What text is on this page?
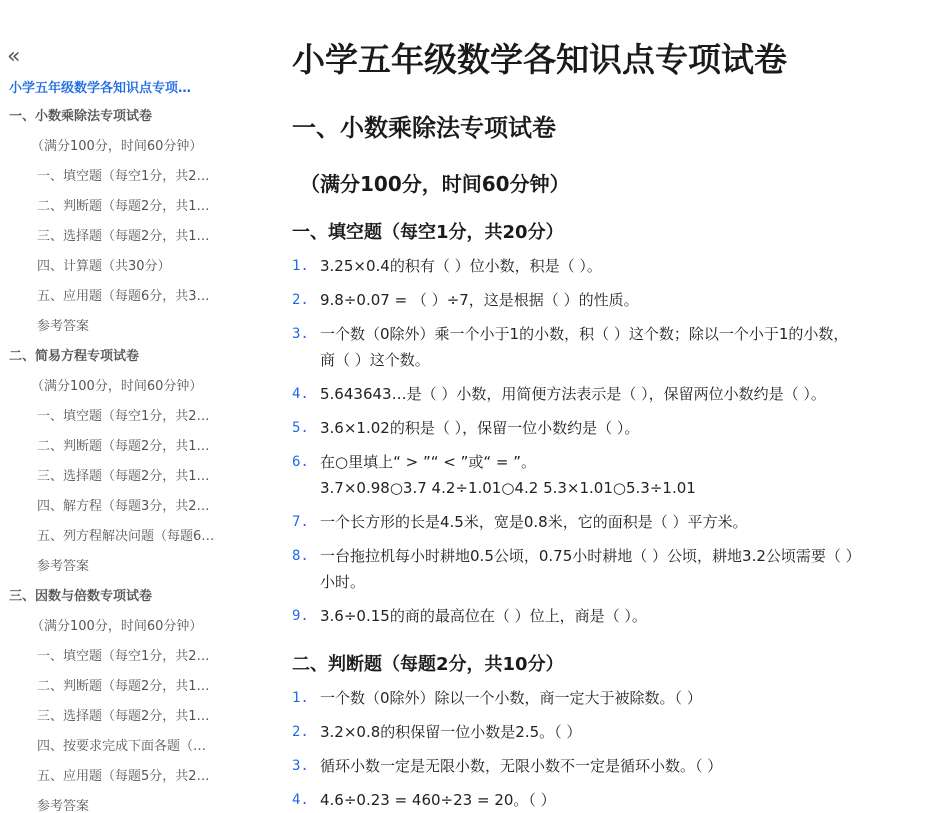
«
小学五年级数学各知识点专项…
一、小数乘除法专项试卷
（满分100分，时间60分钟）
一、填空题（每空1分，共2…
二、判断题（每题2分，共1…
三、选择题（每题2分，共1…
四、计算题（共30分）
五、应用题（每题6分，共3…
参考答案
二、简易方程专项试卷
（满分100分，时间60分钟）
一、填空题（每空1分，共2…
二、判断题（每题2分，共1…
三、选择题（每题2分，共1…
四、解方程（每题3分，共2…
五、列方程解决问题（每题6…
参考答案
三、因数与倍数专项试卷
（满分100分，时间60分钟）
一、填空题（每空1分，共2…
二、判断题（每题2分，共1…
三、选择题（每题2分，共1…
四、按要求完成下面各题（…
五、应用题（每题5分，共2…
参考答案
小学五年级数学各知识点专项试卷
一、小数乘除法专项试卷
（满分100分，时间60分钟）
一、填空题（每空1分，共20分）
1. 3.25×0.4的积有（ ）位小数，积是（ ）。
2. 9.8÷0.07 = （ ）÷7，这是根据（ ）的性质。
3. 一个数（0除外）乘一个小于1的小数，积（ ）这个数；除以一个小于1的小数，
商（ ）这个数。
4. 5.643643…是（ ）小数，用简便方法表示是（ ），保留两位小数约是（ ）。
5. 3.6×1.02的积是（ ），保留一位小数约是（ ）。
6. 在○里填上“ > ”“ < ”或“ = ”。
3.7×0.98○3.7 4.2÷1.01○4.2 5.3×1.01○5.3÷1.01
7. 一个长方形的长是4.5米，宽是0.8米，它的面积是（ ）平方米。
8. 一台拖拉机每小时耕地0.5公顷，0.75小时耕地（ ）公顷，耕地3.2公顷需要（ ）
小时。
9. 3.6÷0.15的商的最高位在（ ）位上，商是（ ）。
二、判断题（每题2分，共10分）
1. 一个数（0除外）除以一个小数，商一定大于被除数。（ ）
2. 3.2×0.8的积保留一位小数是2.5。（ ）
3. 循环小数一定是无限小数，无限小数不一定是循环小数。（ ）
4. 4.6÷0.23 = 460÷23 = 20。（ ）
